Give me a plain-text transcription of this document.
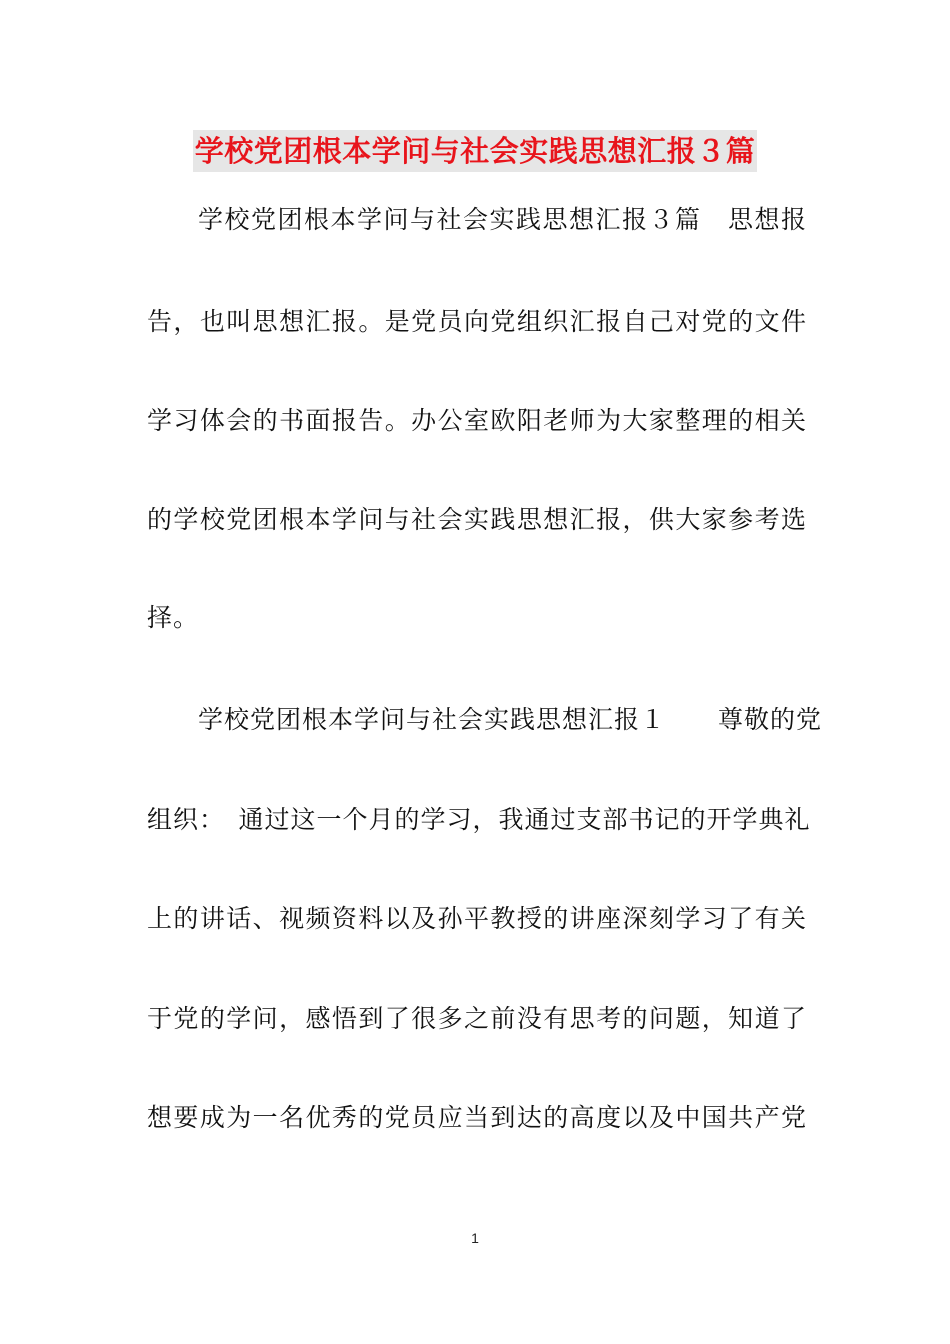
学校党团根本学问与社会实践思想汇报３篇
学校党团根本学问与社会实践思想汇报３篇　思想报
告，也叫思想汇报。是党员向党组织汇报自己对党的文件
学习体会的书面报告。办公室欧阳老师为大家整理的相关
的学校党团根本学问与社会实践思想汇报，供大家参考选
择。
学校党团根本学问与社会实践思想汇报１　　尊敬的党
组织：　通过这一个月的学习，我通过支部书记的开学典礼
上的讲话、视频资料以及孙平教授的讲座深刻学习了有关
于党的学问，感悟到了很多之前没有思考的问题，知道了
想要成为一名优秀的党员应当到达的高度以及中国共产党
1
